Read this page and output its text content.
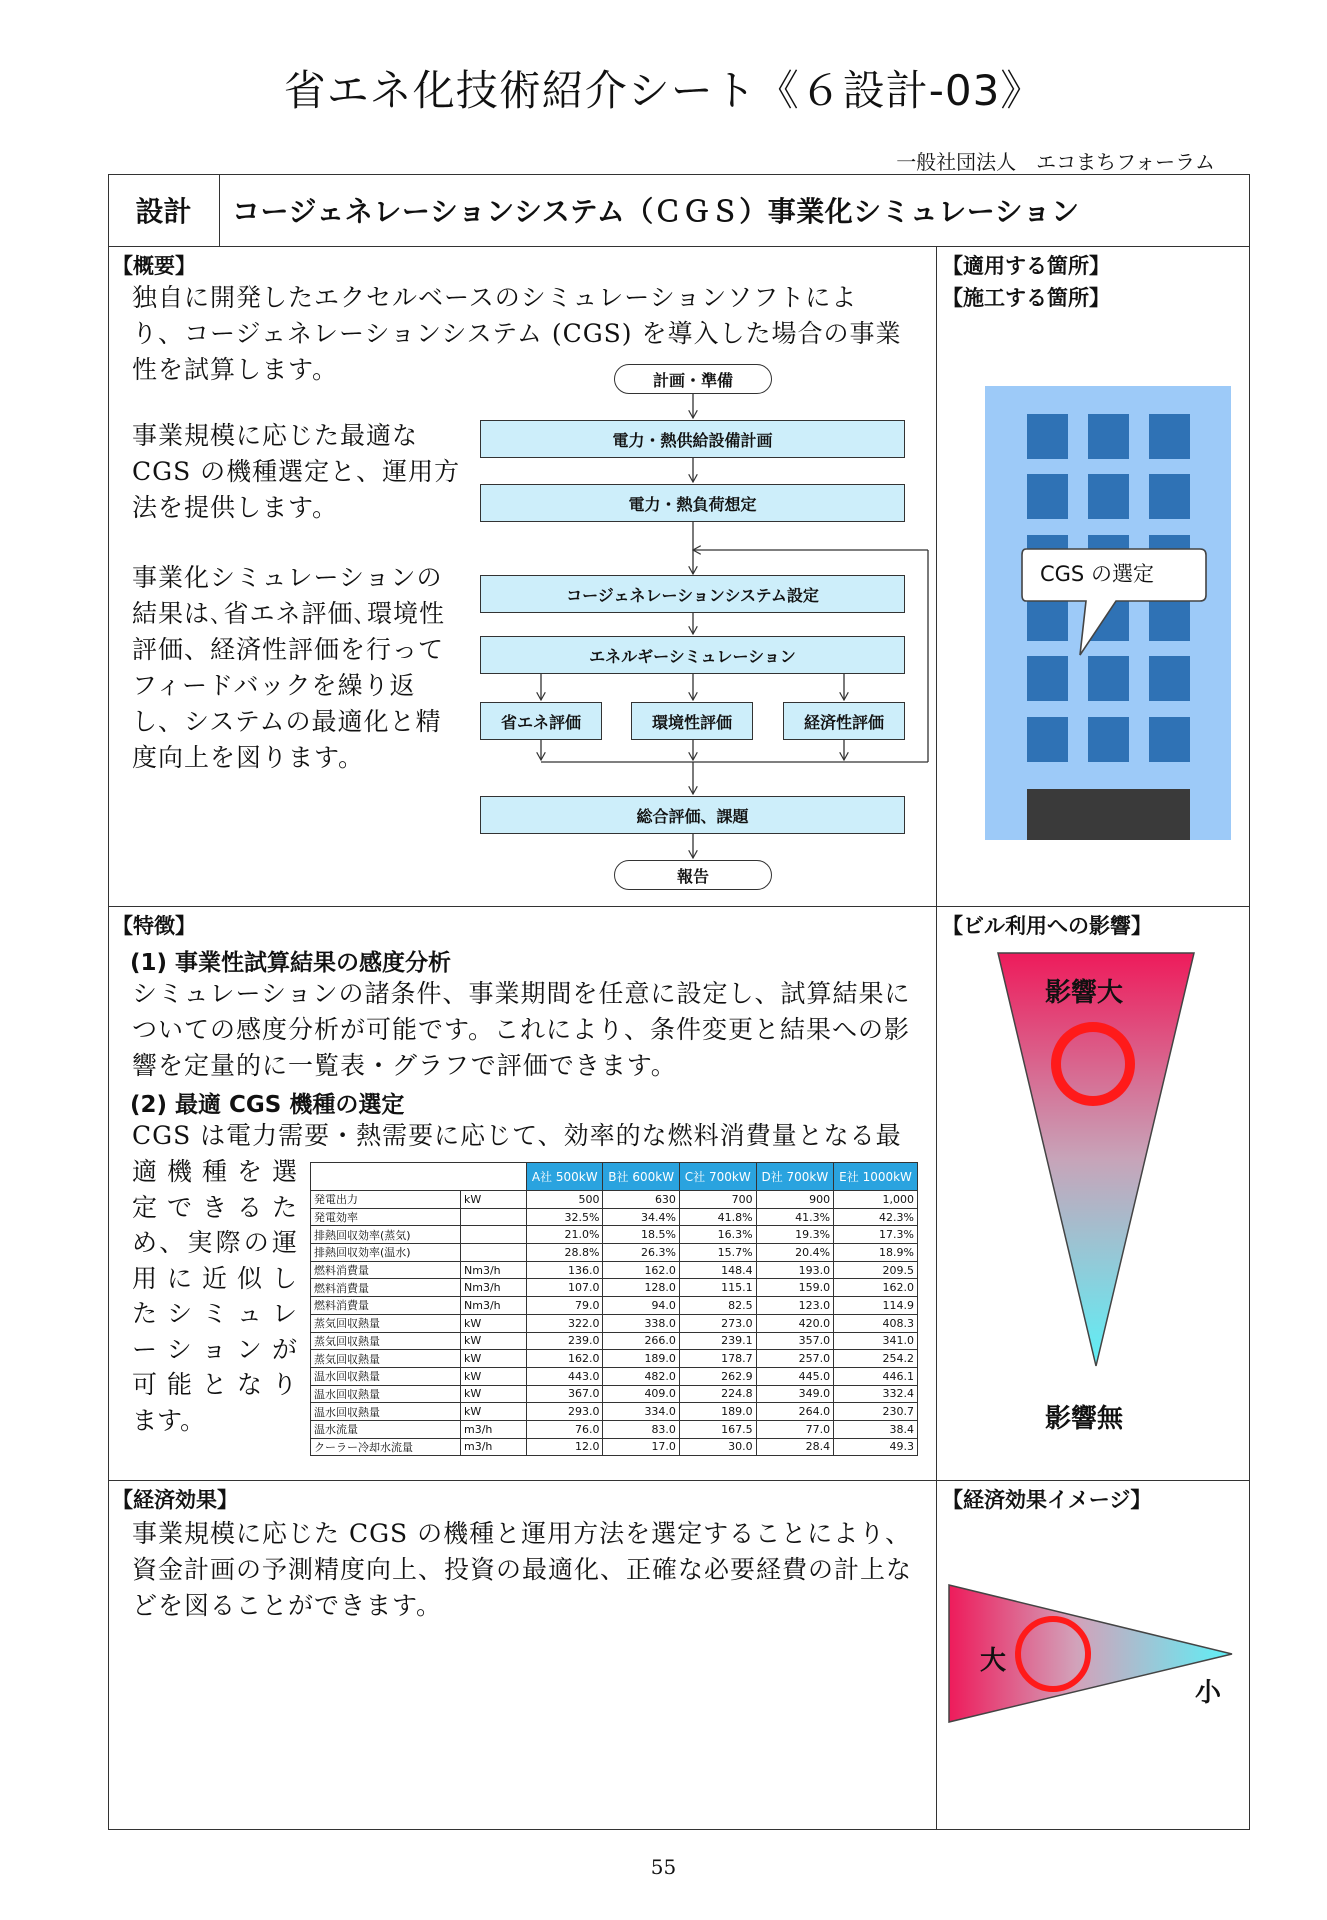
省エネ化技術紹介シート《６設計-03》
一般社団法人　エコまちフォーラム
設計	コージェネレーションシステム（ＣＧＳ）事業化シミュレーション
【概要】
独自に開発したエクセルベースのシミュレーションソフトによ
り、コージェネレーションシステム (CGS) を導入した場合の事業
性を試算します。
事業規模に応じた最適な
CGS の機種選定と、運用方
法を提供します。
事業化シミュレーションの
結果は､省エネ評価､環境性
評価、経済性評価を行って
フィードバックを繰り返
し、システムの最適化と精
度向上を図ります。
計画・準備
電力・熱供給設備計画
電力・熱負荷想定
コージェネレーションシステム設定
エネルギーシミュレーション
省エネ評価	環境性評価	経済性評価
総合評価、課題
報告
【適用する箇所】
【施工する箇所】
CGS の選定
【特徴】
(1) 事業性試算結果の感度分析
シミュレーションの諸条件、事業期間を任意に設定し、試算結果に
ついての感度分析が可能です。これにより、条件変更と結果への影
響を定量的に一覧表・グラフで評価できます。
(2) 最適 CGS 機種の選定
CGS は電力需要・熱需要に応じて、効率的な燃料消費量となる最
適機種を選
定できるた
め、実際の運
用に近似し
たシミュレ
ーションが
可能となり
ます。
		A社 500kW	B社 600kW	C社 700kW	D社 700kW	E社 1000kW
発電出力	kW	500	630	700	900	1,000
発電効率		32.5%	34.4%	41.8%	41.3%	42.3%
排熱回収効率(蒸気)		21.0%	18.5%	16.3%	19.3%	17.3%
排熱回収効率(温水)		28.8%	26.3%	15.7%	20.4%	18.9%
燃料消費量	Nm3/h	136.0	162.0	148.4	193.0	209.5
燃料消費量	Nm3/h	107.0	128.0	115.1	159.0	162.0
燃料消費量	Nm3/h	79.0	94.0	82.5	123.0	114.9
蒸気回収熱量	kW	322.0	338.0	273.0	420.0	408.3
蒸気回収熱量	kW	239.0	266.0	239.1	357.0	341.0
蒸気回収熱量	kW	162.0	189.0	178.7	257.0	254.2
温水回収熱量	kW	443.0	482.0	262.9	445.0	446.1
温水回収熱量	kW	367.0	409.0	224.8	349.0	332.4
温水回収熱量	kW	293.0	334.0	189.0	264.0	230.7
温水流量	m3/h	76.0	83.0	167.5	77.0	38.4
クーラー冷却水流量	m3/h	12.0	17.0	30.0	28.4	49.3
【ビル利用への影響】
影響大
影響無
【経済効果】
事業規模に応じた CGS の機種と運用方法を選定することにより、
資金計画の予測精度向上、投資の最適化、正確な必要経費の計上な
どを図ることができます。
【経済効果イメージ】
大
小
55
